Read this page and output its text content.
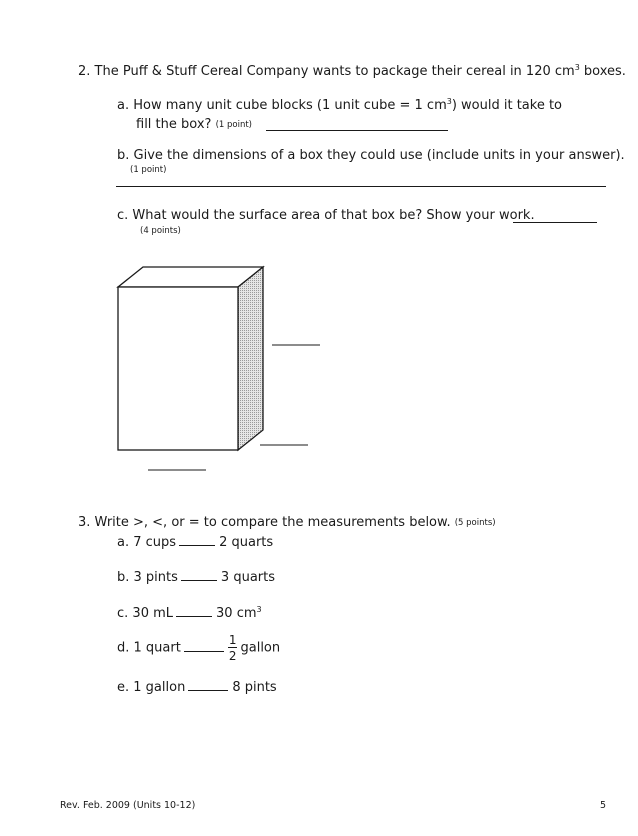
2. The Puff & Stuff Cereal Company wants to package their cereal in 120 $cm^3$ boxes.
a. How many unit cube blocks (1 unit cube = 1 $cm^3$) would it take to
fill the box? (1 point)
b. Give the dimensions of a box they could use (include units in your answer).
(1 point)
c. What would the surface area of that box be? Show your work.
(4 points)
3. Write >, <, or = to compare the measurements below. (5 points)
a. 7 cups	2 quarts
b. 3 pints	3 quarts
c. 30 mL	30 $cm^3$
d. 1 quart	$\frac{1}{2}$ gallon
e. 1 gallon	8 pints
Rev. Feb. 2009 (Units 10-12)	5
